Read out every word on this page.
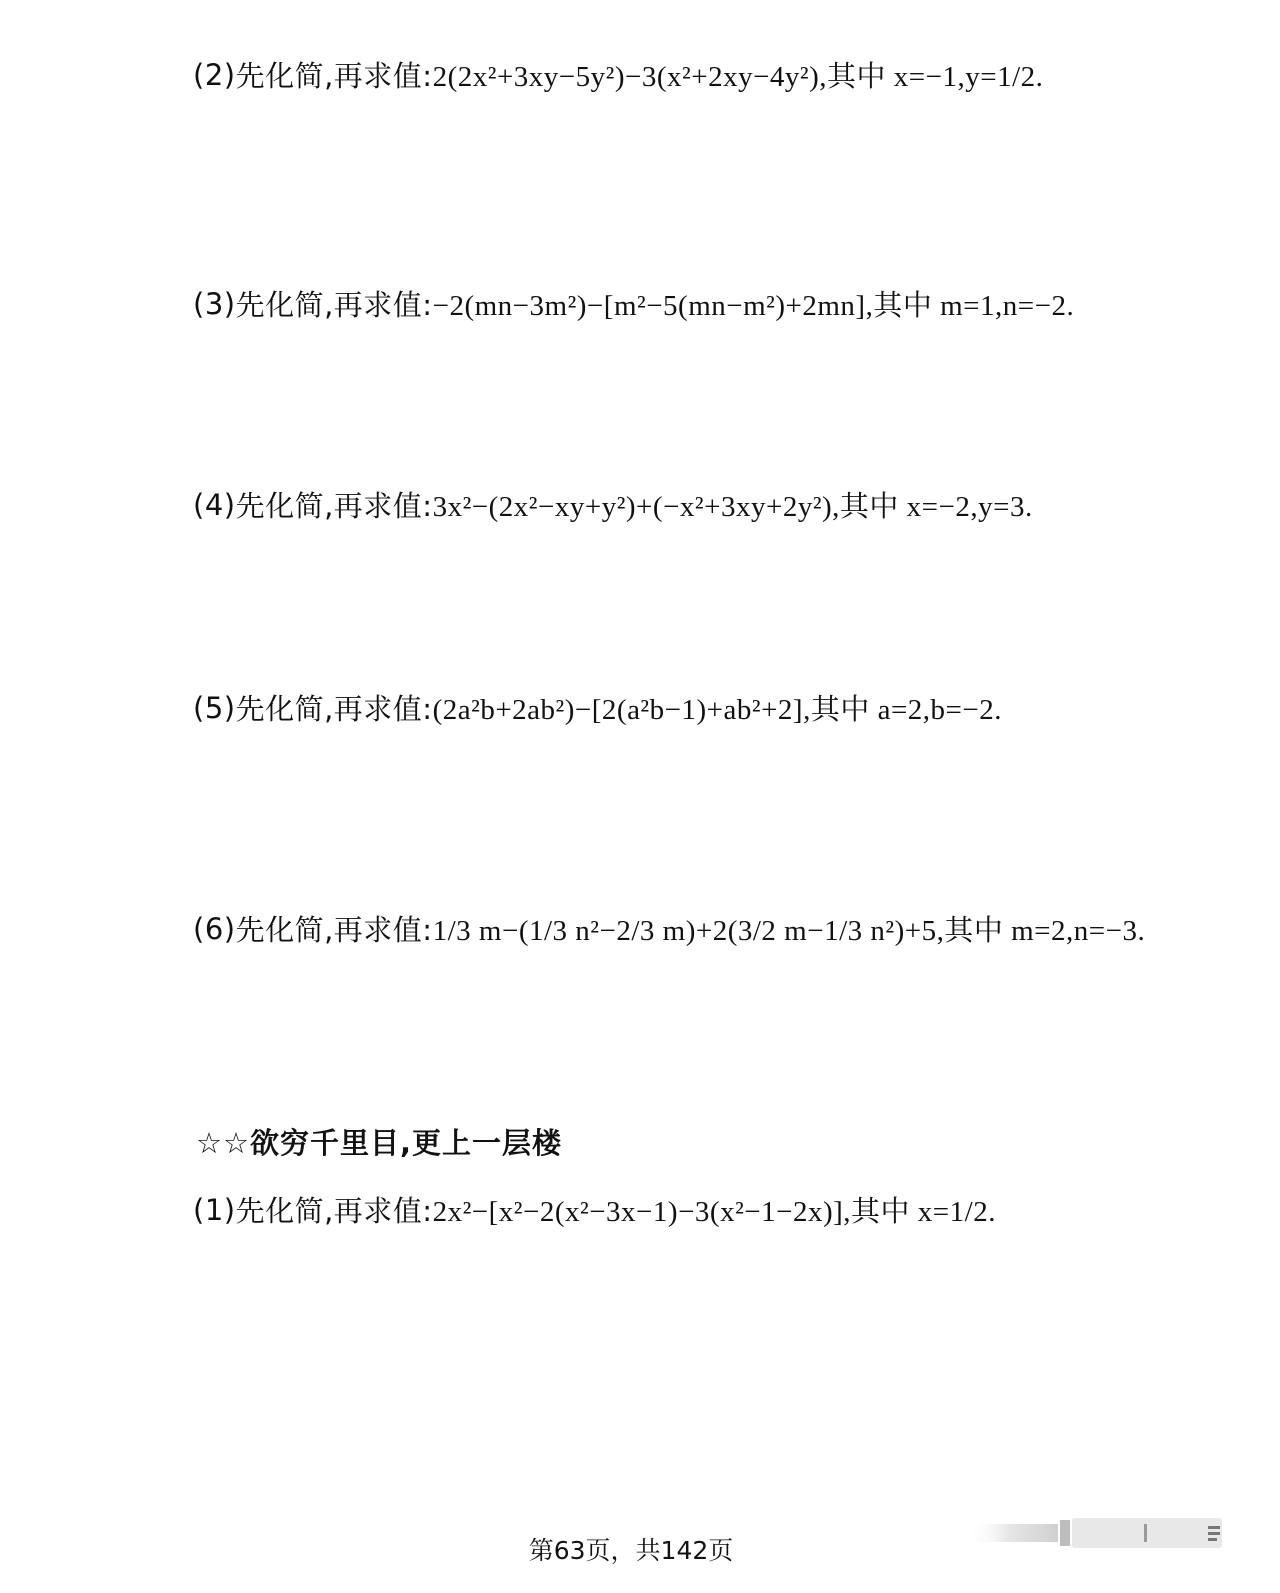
(2) 先化简,再求值: 2(2x²+3xy−5y²)−3(x²+2xy−4y²),其中 x=−1,y=1/2.
(3) 先化简,再求值: −2(mn−3m²)−[m²−5(mn−m²)+2mn],其中 m=1,n=−2.
(4) 先化简,再求值: 3x²−(2x²−xy+y²)+(−x²+3xy+2y²),其中 x=−2,y=3.
(5) 先化简,再求值: (2a²b+2ab²)−[2(a²b−1)+ab²+2],其中 a=2,b=−2.
(6) 先化简,再求值: 1/3 m−(1/3 n²−2/3 m)+2(3/2 m−1/3 n²)+5,其中 m=2,n=−3.
☆☆欲穷千里目,更上一层楼
(1) 先化简,再求值: 2x²−[x²−2(x²−3x−1)−3(x²−1−2x)],其中 x=1/2.
第63页，共142页
